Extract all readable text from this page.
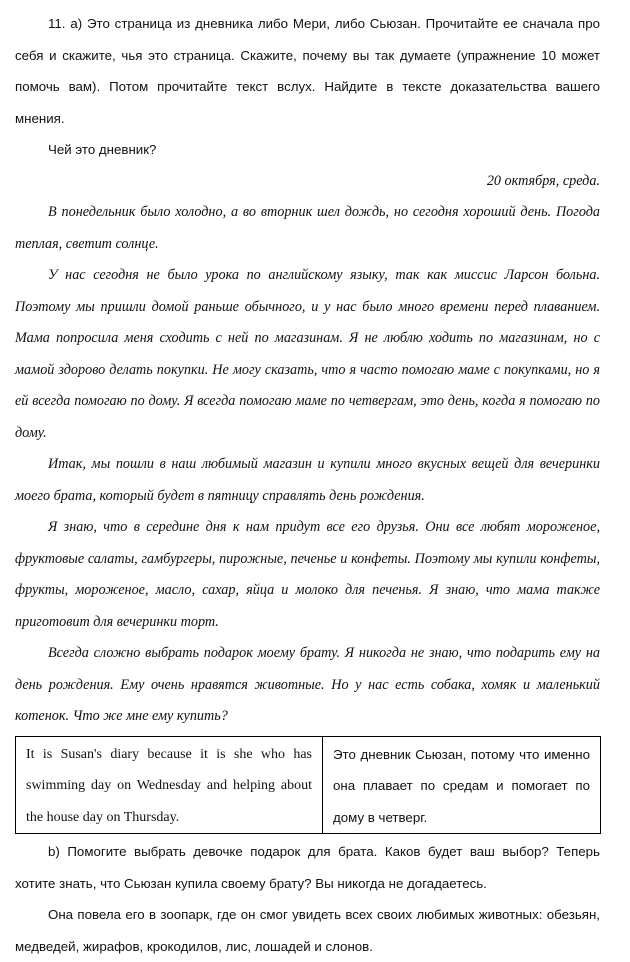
11. a) Это страница из дневника либо Мери, либо Сьюзан. Прочитайте ее сначала про себя и скажите, чья это страница. Скажите, почему вы так думаете (упражнение 10 может помочь вам). Потом прочитайте текст вслух. Найдите в тексте доказательства вашего мнения.

Чей это дневник?

20 октября, среда.

В понедельник было холодно, а во вторник шел дождь, но сегодня хороший день. Погода теплая, светит солнце.

У нас сегодня не было урока по английскому языку, так как миссис Ларсон больна. Поэтому мы пришли домой раньше обычного, и у нас было много времени перед плаванием. Мама попросила меня сходить с ней по магазинам. Я не люблю ходить по магазинам, но с мамой здорово делать покупки. Не могу сказать, что я часто помогаю маме с покупками, но я ей всегда помогаю по дому. Я всегда помогаю маме по четвергам, это день, когда я помогаю по дому.

Итак, мы пошли в наш любимый магазин и купили много вкусных вещей для вечеринки моего брата, который будет в пятницу справлять день рождения.

Я знаю, что в середине дня к нам придут все его друзья. Они все любят мороженое, фруктовые салаты, гамбургеры, пирожные, печенье и конфеты. Поэтому мы купили конфеты, фрукты, мороженое, масло, сахар, яйца и молоко для печенья. Я знаю, что мама также приготовит для вечеринки торт.

Всегда сложно выбрать подарок моему брату. Я никогда не знаю, что подарить ему на день рождения. Ему очень нравятся животные. Но у нас есть собака, хомяк и маленький котенок. Что же мне ему купить?

It is Susan's diary because it is she who has swimming day on Wednesday and helping about the house day on Thursday.	Это дневник Сьюзан, потому что именно она плавает по средам и помогает по дому в четверг.

b) Помогите выбрать девочке подарок для брата. Каков будет ваш выбор? Теперь хотите знать, что Сьюзан купила своему брату? Вы никогда не догадаетесь.

Она повела его в зоопарк, где он смог увидеть всех своих любимых животных: обезьян, медведей, жирафов, крокодилов, лис, лошадей и слонов.
